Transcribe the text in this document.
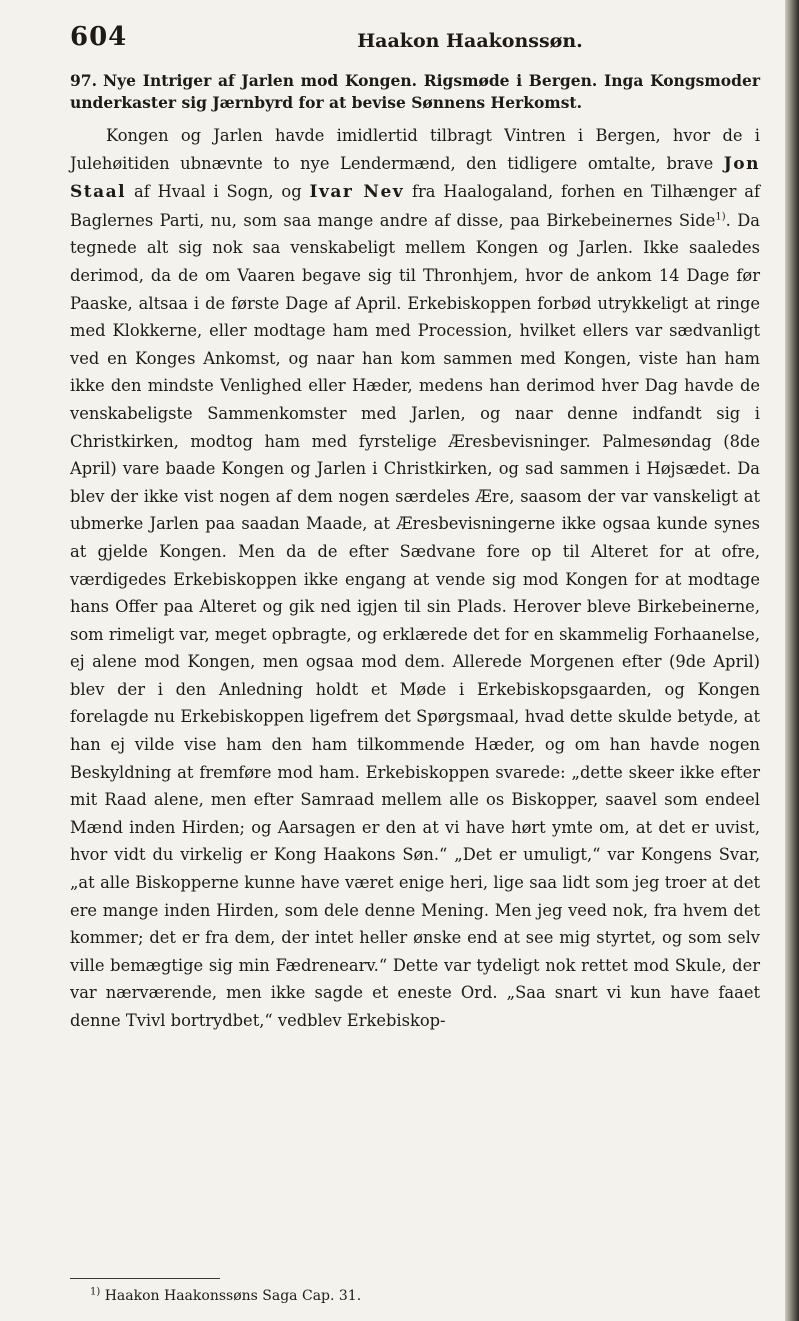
604	Haakon Haakonssøn.
97. Nye Intriger af Jarlen mod Kongen. Rigsmøde i Bergen. Inga Kongsmoder underkaster sig Jærnbyrd for at bevise Sønnens Herkomst.

Kongen og Jarlen havde imidlertid tilbragt Vintren i Bergen, hvor de i Julehøitiden ubnævnte to nye Lendermænd, den tidligere omtalte, brave Jon Staal af Hvaal i Sogn, og Ivar Nev fra Haalogaland, forhen en Tilhænger af Baglernes Parti, nu, som saa mange andre af disse, paa Birkebeinernes Side$^{1)}$. Da tegnede alt sig nok saa venskabeligt mellem Kongen og Jarlen. Ikke saaledes derimod, da de om Vaaren begave sig til Thronhjem, hvor de ankom 14 Dage før Paaske, altsaa i de første Dage af April. Erkebiskoppen forbød utrykkeligt at ringe med Klokkerne, eller modtage ham med Procession, hvilket ellers var sædvanligt ved en Konges Ankomst, og naar han kom sammen med Kongen, viste han ham ikke den mindste Venlighed eller Hæder, medens han derimod hver Dag havde de venskabeligste Sammenkomster med Jarlen, og naar denne indfandt sig i Christkirken, modtog ham med fyrstelige Æresbevisninger. Palmesøndag (8de April) vare baade Kongen og Jarlen i Christkirken, og sad sammen i Højsædet. Da blev der ikke vist nogen af dem nogen særdeles Ære, saasom der var vanskeligt at ubmerke Jarlen paa saadan Maade, at Æresbevisningerne ikke ogsaa kunde synes at gjelde Kongen. Men da de efter Sædvane fore op til Alteret for at ofre, værdigedes Erkebiskoppen ikke engang at vende sig mod Kongen for at modtage hans Offer paa Alteret og gik ned igjen til sin Plads. Herover bleve Birkebeinerne, som rimeligt var, meget opbragte, og erklærede det for en skammelig Forhaanelse, ej alene mod Kongen, men ogsaa mod dem. Allerede Morgenen efter (9de April) blev der i den Anledning holdt et Møde i Erkebiskopsgaarden, og Kongen forelagde nu Erkebiskoppen ligefrem det Spørgsmaal, hvad dette skulde betyde, at han ej vilde vise ham den ham tilkommende Hæder, og om han havde nogen Beskyldning at fremføre mod ham. Erkebiskoppen svarede: „dette skeer ikke efter mit Raad alene, men efter Samraad mellem alle os Biskopper, saavel som endeel Mænd inden Hirden; og Aarsagen er den at vi have hørt ymte om, at det er uvist, hvor vidt du virkelig er Kong Haakons Søn.“ „Det er umuligt,“ var Kongens Svar, „at alle Biskopperne kunne have været enige heri, lige saa lidt som jeg troer at det ere mange inden Hirden, som dele denne Mening. Men jeg veed nok, fra hvem det kommer; det er fra dem, der intet heller ønske end at see mig styrtet, og som selv ville bemægtige sig min Fædrenearv.“ Dette var tydeligt nok rettet mod Skule, der var nærværende, men ikke sagde et eneste Ord. „Saa snart vi kun have faaet denne Tvivl bortrydbet,“ vedblev Erkebiskop-

$^{1)}$ Haakon Haakonssøns Saga Cap. 31.
